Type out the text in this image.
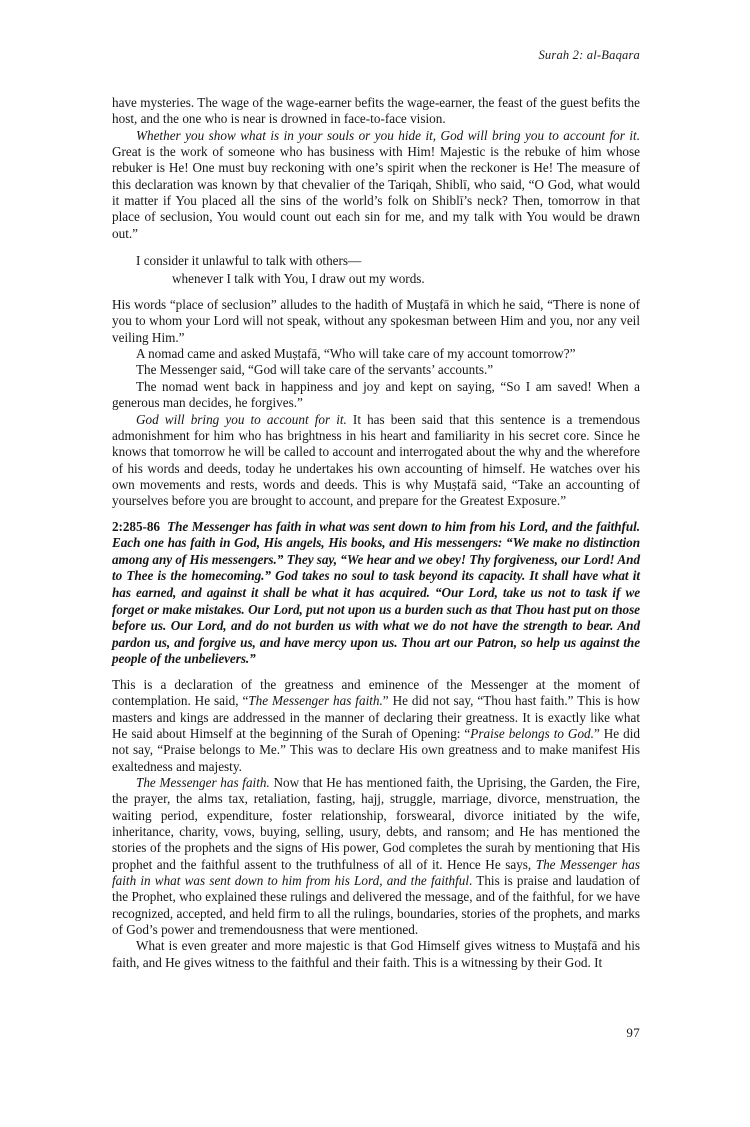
Surah 2: al-Baqara

have mysteries. The wage of the wage-earner befits the wage-earner, the feast of the guest befits the host, and the one who is near is drowned in face-to-face vision.

Whether you show what is in your souls or you hide it, God will bring you to account for it. Great is the work of someone who has business with Him! Majestic is the rebuke of him whose rebuker is He! One must buy reckoning with one’s spirit when the reckoner is He! The measure of this declaration was known by that chevalier of the Tariqah, Shiblī, who said, “O God, what would it matter if You placed all the sins of the world’s folk on Shiblī’s neck? Then, tomorrow in that place of seclusion, You would count out each sin for me, and my talk with You would be drawn out.”

I consider it unlawful to talk with others—

whenever I talk with You, I draw out my words.

His words “place of seclusion” alludes to the hadith of Muṣṭafā in which he said, “There is none of you to whom your Lord will not speak, without any spokesman between Him and you, nor any veil veiling Him.”

A nomad came and asked Muṣṭafā, “Who will take care of my account tomorrow?”

The Messenger said, “God will take care of the servants’ accounts.”

The nomad went back in happiness and joy and kept on saying, “So I am saved! When a generous man decides, he forgives.”

God will bring you to account for it. It has been said that this sentence is a tremendous admonishment for him who has brightness in his heart and familiarity in his secret core. Since he knows that tomorrow he will be called to account and interrogated about the why and the wherefore of his words and deeds, today he undertakes his own accounting of himself. He watches over his own movements and rests, words and deeds. This is why Muṣṭafā said, “Take an accounting of yourselves before you are brought to account, and prepare for the Greatest Exposure.”

2:285-86 The Messenger has faith in what was sent down to him from his Lord, and the faithful. Each one has faith in God, His angels, His books, and His messengers: “We make no distinction among any of His messengers.” They say, “We hear and we obey! Thy forgiveness, our Lord! And to Thee is the homecoming.” God takes no soul to task beyond its capacity. It shall have what it has earned, and against it shall be what it has acquired. “Our Lord, take us not to task if we forget or make mistakes. Our Lord, put not upon us a burden such as that Thou hast put on those before us. Our Lord, and do not burden us with what we do not have the strength to bear. And pardon us, and forgive us, and have mercy upon us. Thou art our Patron, so help us against the people of the unbelievers.”

This is a declaration of the greatness and eminence of the Messenger at the moment of contemplation. He said, “The Messenger has faith.” He did not say, “Thou hast faith.” This is how masters and kings are addressed in the manner of declaring their greatness. It is exactly like what He said about Himself at the beginning of the Surah of Opening: “Praise belongs to God.” He did not say, “Praise belongs to Me.” This was to declare His own greatness and to make manifest His exaltedness and majesty.

The Messenger has faith. Now that He has mentioned faith, the Uprising, the Garden, the Fire, the prayer, the alms tax, retaliation, fasting, hajj, struggle, marriage, divorce, menstruation, the waiting period, expenditure, foster relationship, forswearal, divorce initiated by the wife, inheritance, charity, vows, buying, selling, usury, debts, and ransom; and He has mentioned the stories of the prophets and the signs of His power, God completes the surah by mentioning that His prophet and the faithful assent to the truthfulness of all of it. Hence He says, The Messenger has faith in what was sent down to him from his Lord, and the faithful. This is praise and laudation of the Prophet, who explained these rulings and delivered the message, and of the faithful, for we have recognized, accepted, and held firm to all the rulings, boundaries, stories of the prophets, and marks of God’s power and tremendousness that were mentioned.

What is even greater and more majestic is that God Himself gives witness to Muṣṭafā and his faith, and He gives witness to the faithful and their faith. This is a witnessing by their God. It

97
